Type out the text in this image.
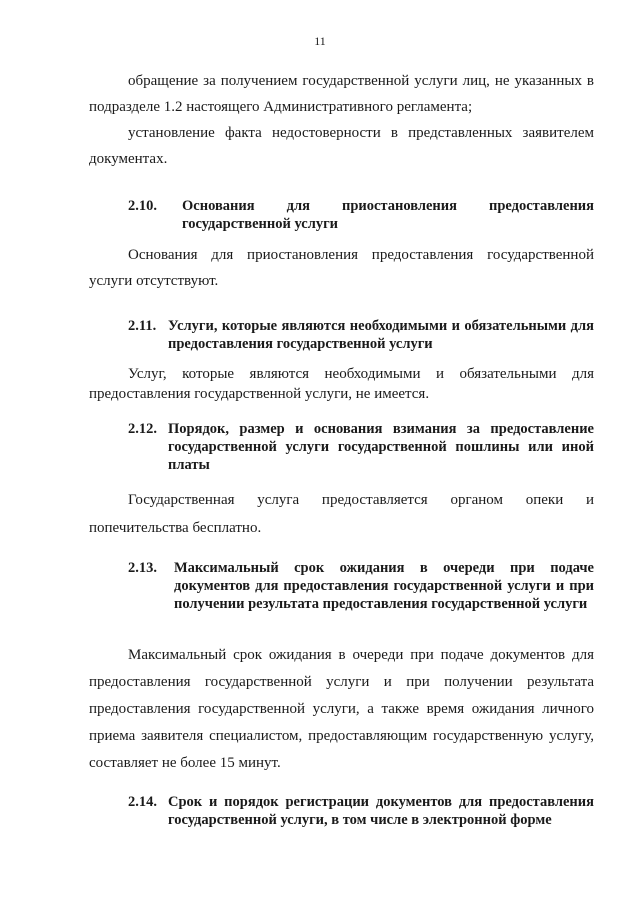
11

обращение за получением государственной услуги лиц, не указанных в подразделе 1.2 настоящего Административного регламента;

установление факта недостоверности в представленных заявителем документах.

2.10.	Основания для приостановления предоставления государственной услуги

Основания для приостановления предоставления государственной услуги отсутствуют.

2.11. Услуги, которые являются необходимыми и обязательными для предоставления государственной услуги

Услуг, которые являются необходимыми и обязательными для предоставления государственной услуги, не имеется.

2.12. Порядок, размер и основания взимания за предоставление государственной услуги государственной пошлины или иной платы

Государственная услуга предоставляется органом опеки и попечительства бесплатно.

2.13.	Максимальный срок ожидания в очереди при подаче документов для предоставления государственной услуги и при получении результата предоставления государственной услуги

Максимальный срок ожидания в очереди при подаче документов для предоставления государственной услуги и при получении результата предоставления государственной услуги, а также время ожидания личного приема заявителя специалистом, предоставляющим государственную услугу, составляет не более 15 минут.

2.14. Срок и порядок регистрации документов для предоставления государственной услуги, в том числе в электронной форме
